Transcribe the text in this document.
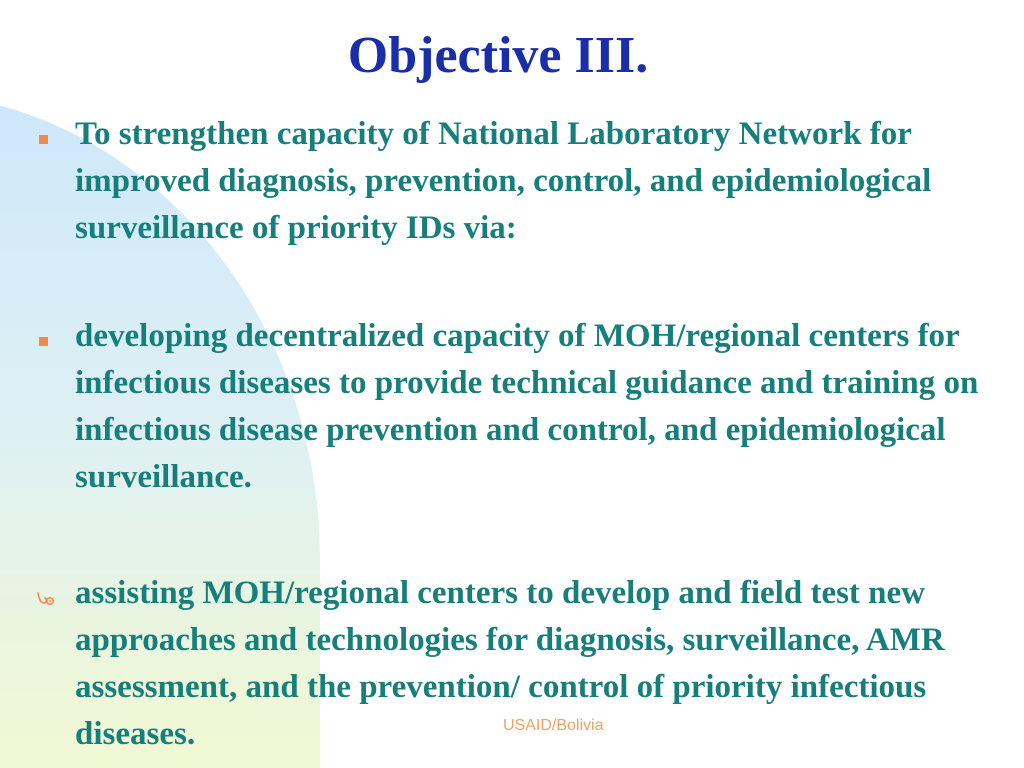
Objective III.
To strengthen capacity of National Laboratory Network for improved diagnosis, prevention, control, and epidemiological surveillance of priority IDs via:
developing decentralized capacity of MOH/regional centers for infectious diseases to provide technical guidance and training on infectious disease prevention and control, and epidemiological surveillance.
assisting MOH/regional centers to develop and field test new approaches and technologies for diagnosis, surveillance, AMR assessment, and the prevention/ control of priority infectious diseases.	USAID/Bolivia
